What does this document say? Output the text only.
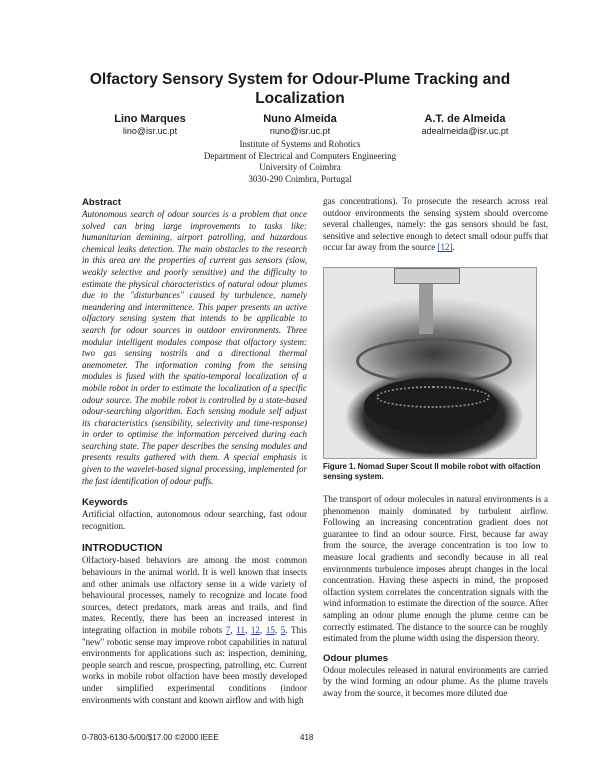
Olfactory Sensory System for Odour-Plume Tracking and Localization
Lino Marques
lino@isr.uc.pt
Nuno Almeida
nuno@isr.uc.pt
A.T. de Almeida
adealmeida@isr.uc.pt
Institute of Systems and Robotics
Department of Electrical and Computers Engineering
University of Coimbra
3030-290 Coimbra, Portugal
Abstract
Autonomous search of odour sources is a problem that once solved can bring large improvements to tasks like: humanitarian demining, airport patrolling, and hazardous chemical leaks detection. The main obstacles to the research in this area are the properties of current gas sensors (slow, weakly selective and poorly sensitive) and the difficulty to estimate the physical characteristics of natural odour plumes due to the "disturbances" caused by turbulence, namely meandering and intermittence. This paper presents an active olfactory sensing system that intends to be applicable to search for odour sources in outdoor environments. Three modular intelligent modules compose that olfactory system: two gas sensing nostrils and a directional thermal anemometer. The information coming from the sensing modules is fused with the spatio-temporal localization of a mobile robot in order to estimate the localization of a specific odour source. The mobile robot is controlled by a state-based odour-searching algorithm. Each sensing module self adjust its characteristics (sensibility, selectivity and time-response) in order to optimise the information perceived during each searching state. The paper describes the sensing modules and presents results gathered with them. A special emphasis is given to the wavelet-based signal processing, implemented for the fast identification of odour puffs.
Keywords
Artificial olfaction, autonomous odour searching, fast odour recognition.
INTRODUCTION
Olfactory-based behaviors are among the most common behaviours in the animal world. It is well known that insects and other animals use olfactory sense in a wide variety of behavioural processes, namely to recognize and locate food sources, detect predators, mark areas and trails, and find mates. Recently, there has been an increased interest in integrating olfaction in mobile robots 7, 11, 12, 15, 5. This "new" robotic sense may improve robot capabilities in natural environments for applications such as: inspection, demining, people search and rescue, prospecting, patrolling, etc. Current works in mobile robot olfaction have been mostly developed under simplified experimental conditions (indoor environments with constant and known airflow and with high
gas concentrations). To prosecute the research across real outdoor environments the sensing system should overcome several challenges, namely: the gas sensors should be fast, sensitive and selective enough to detect small odour puffs that occur far away from the source [12].
Figure 1. Nomad Super Scout II mobile robot with olfaction sensing system.
The transport of odour molecules in natural environments is a phenomenon mainly dominated by turbulent airflow. Following an increasing concentration gradient does not guarantee to find an odour source. First, because far away from the source, the average concentration is too low to measure local gradients and secondly because in all real environments turbulence imposes abrupt changes in the local concentration. Having these aspects in mind, the proposed olfaction system correlates the concentration signals with the wind information to estimate the direction of the source. After sampling an odour plume enough the plume centre can be correctly estimated. The distance to the source can be roughly estimated from the plume width using the dispersion theory.
Odour plumes
Odour molecules released in natural environments are carried by the wind forming an odour plume. As the plume travels away from the source, it becomes more diluted due
0-7803-6130-5/00/$17.00 ©2000 IEEE	418
